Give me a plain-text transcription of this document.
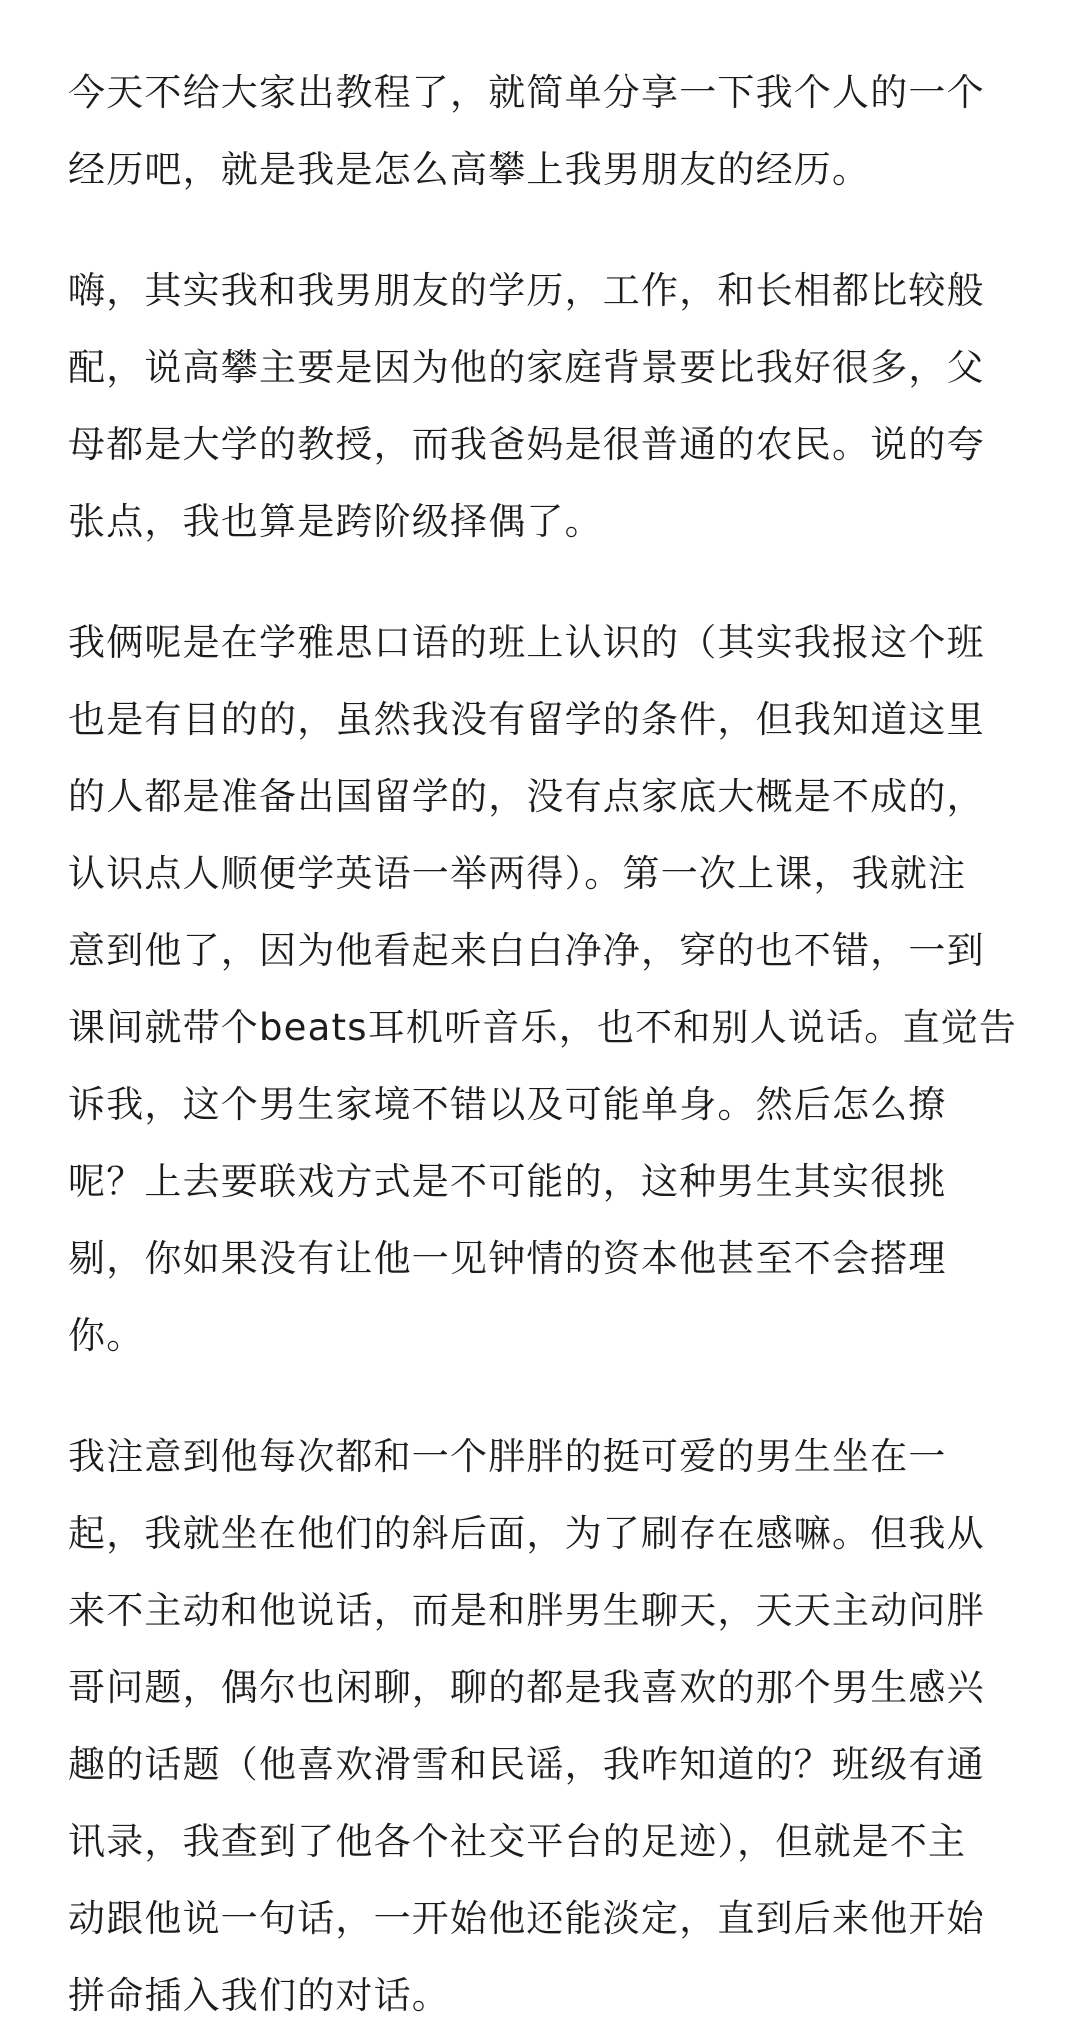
今天不给大家出教程了，就简单分享一下我个人的一个
经历吧，就是我是怎么高攀上我男朋友的经历。
嗨，其实我和我男朋友的学历，工作，和长相都比较般
配，说高攀主要是因为他的家庭背景要比我好很多，父
母都是大学的教授，而我爸妈是很普通的农民。说的夸
张点，我也算是跨阶级择偶了。
我俩呢是在学雅思口语的班上认识的（其实我报这个班
也是有目的的，虽然我没有留学的条件，但我知道这里
的人都是准备出国留学的，没有点家底大概是不成的，
认识点人顺便学英语一举两得）。第一次上课，我就注
意到他了，因为他看起来白白净净，穿的也不错，一到
课间就带个beats耳机听音乐，也不和别人说话。直觉告
诉我，这个男生家境不错以及可能单身。然后怎么撩
呢？上去要联戏方式是不可能的，这种男生其实很挑
剔，你如果没有让他一见钟情的资本他甚至不会搭理
你。
我注意到他每次都和一个胖胖的挺可爱的男生坐在一
起，我就坐在他们的斜后面，为了刷存在感嘛。但我从
来不主动和他说话，而是和胖男生聊天，天天主动问胖
哥问题，偶尔也闲聊，聊的都是我喜欢的那个男生感兴
趣的话题（他喜欢滑雪和民谣，我咋知道的？班级有通
讯录，我查到了他各个社交平台的足迹），但就是不主
动跟他说一句话，一开始他还能淡定，直到后来他开始
拼命插入我们的对话。
